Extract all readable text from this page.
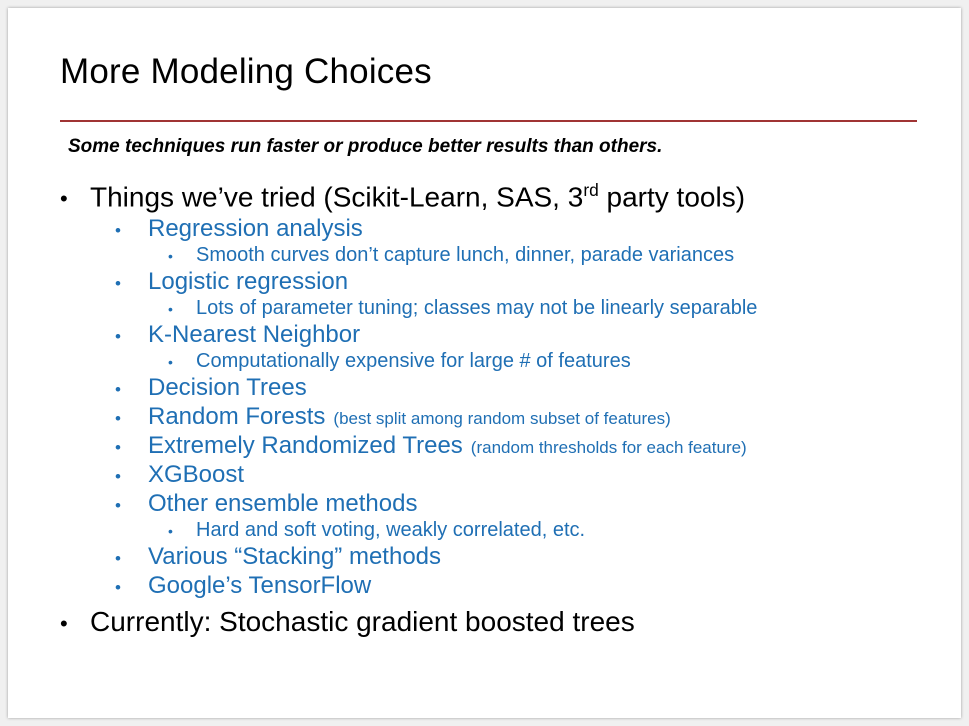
More Modeling Choices
Some techniques run faster or produce better results than others.
• Things we’ve tried (Scikit-Learn, SAS, 3rd party tools)
•	Regression analysis
•	Smooth curves don’t capture lunch, dinner, parade variances
•	Logistic regression
•	Lots of parameter tuning; classes may not be linearly separable
•	K-Nearest Neighbor
•	Computationally expensive for large # of features
•	Decision Trees
•	Random Forests (best split among random subset of features)
•	Extremely Randomized Trees (random thresholds for each feature)
•	XGBoost
•	Other ensemble methods
•	Hard and soft voting, weakly correlated, etc.
•	Various “Stacking” methods
•	Google’s TensorFlow
• Currently: Stochastic gradient boosted trees
